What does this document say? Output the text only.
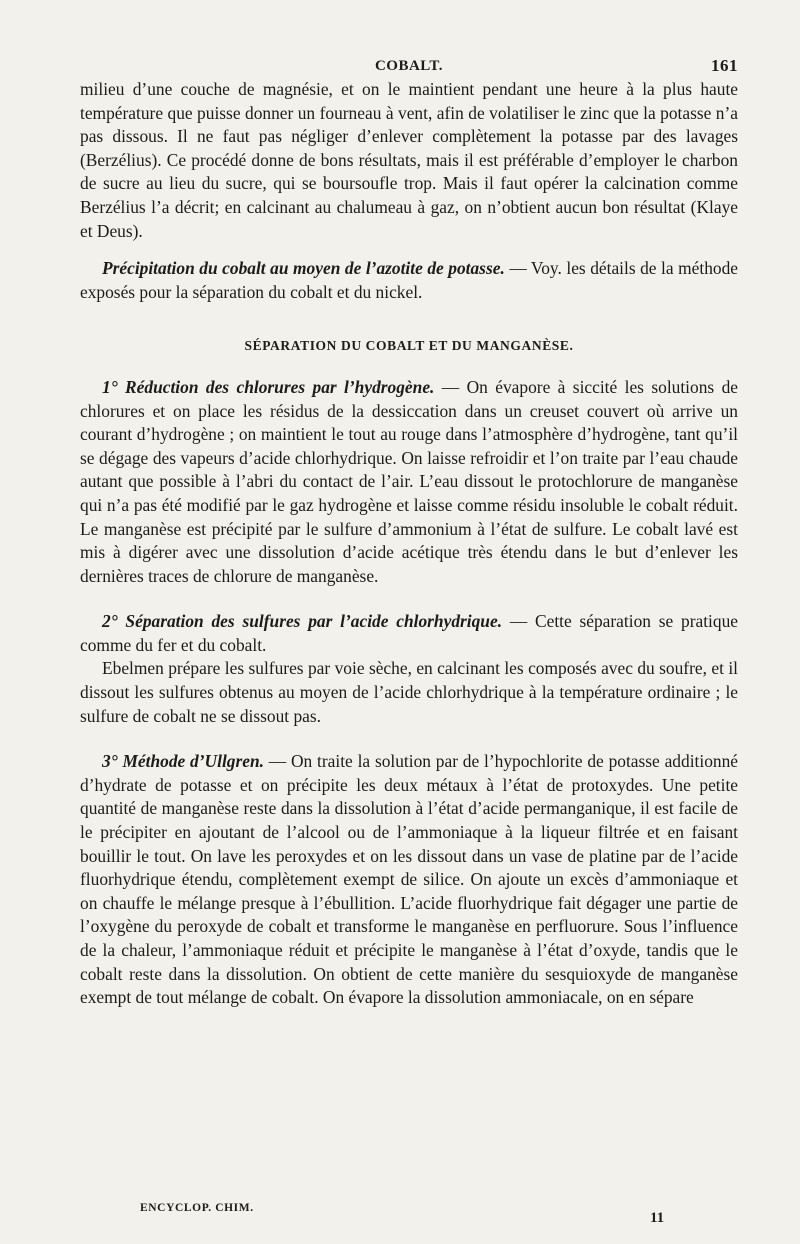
COBALT.	161

milieu d’une couche de magnésie, et on le maintient pendant une heure à la plus haute température que puisse donner un fourneau à vent, afin de volatiliser le zinc que la potasse n’a pas dissous. Il ne faut pas négliger d’enlever complètement la potasse par des lavages (Berzélius). Ce procédé donne de bons résultats, mais il est préférable d’employer le charbon de sucre au lieu du sucre, qui se boursoufle trop. Mais il faut opérer la calcination comme Berzélius l’a décrit; en calcinant au chalumeau à gaz, on n’obtient aucun bon résultat (Klaye et Deus).

Précipitation du cobalt au moyen de l’azotite de potasse. — Voy. les détails de la méthode exposés pour la séparation du cobalt et du nickel.

SÉPARATION DU COBALT ET DU MANGANÈSE.

1° Réduction des chlorures par l’hydrogène. — On évapore à siccité les solutions de chlorures et on place les résidus de la dessiccation dans un creuset couvert où arrive un courant d’hydrogène ; on maintient le tout au rouge dans l’atmosphère d’hydrogène, tant qu’il se dégage des vapeurs d’acide chlorhydrique. On laisse refroidir et l’on traite par l’eau chaude autant que possible à l’abri du contact de l’air. L’eau dissout le protochlorure de manganèse qui n’a pas été modifié par le gaz hydrogène et laisse comme résidu insoluble le cobalt réduit. Le manganèse est précipité par le sulfure d’ammonium à l’état de sulfure. Le cobalt lavé est mis à digérer avec une dissolution d’acide acétique très étendu dans le but d’enlever les dernières traces de chlorure de manganèse.

2° Séparation des sulfures par l’acide chlorhydrique. — Cette séparation se pratique comme du fer et du cobalt.

Ebelmen prépare les sulfures par voie sèche, en calcinant les composés avec du soufre, et il dissout les sulfures obtenus au moyen de l’acide chlorhydrique à la température ordinaire ; le sulfure de cobalt ne se dissout pas.

3° Méthode d’Ullgren. — On traite la solution par de l’hypochlorite de potasse additionné d’hydrate de potasse et on précipite les deux métaux à l’état de protoxydes. Une petite quantité de manganèse reste dans la dissolution à l’état d’acide permanganique, il est facile de le précipiter en ajoutant de l’alcool ou de l’ammoniaque à la liqueur filtrée et en faisant bouillir le tout. On lave les peroxydes et on les dissout dans un vase de platine par de l’acide fluorhydrique étendu, complètement exempt de silice. On ajoute un excès d’ammoniaque et on chauffe le mélange presque à l’ébullition. L’acide fluorhydrique fait dégager une partie de l’oxygène du peroxyde de cobalt et transforme le manganèse en perfluorure. Sous l’influence de la chaleur, l’ammoniaque réduit et précipite le manganèse à l’état d’oxyde, tandis que le cobalt reste dans la dissolution. On obtient de cette manière du sesquioxyde de manganèse exempt de tout mélange de cobalt. On évapore la dissolution ammoniacale, on en sépare

ENCYCLOP. CHIM.
11
